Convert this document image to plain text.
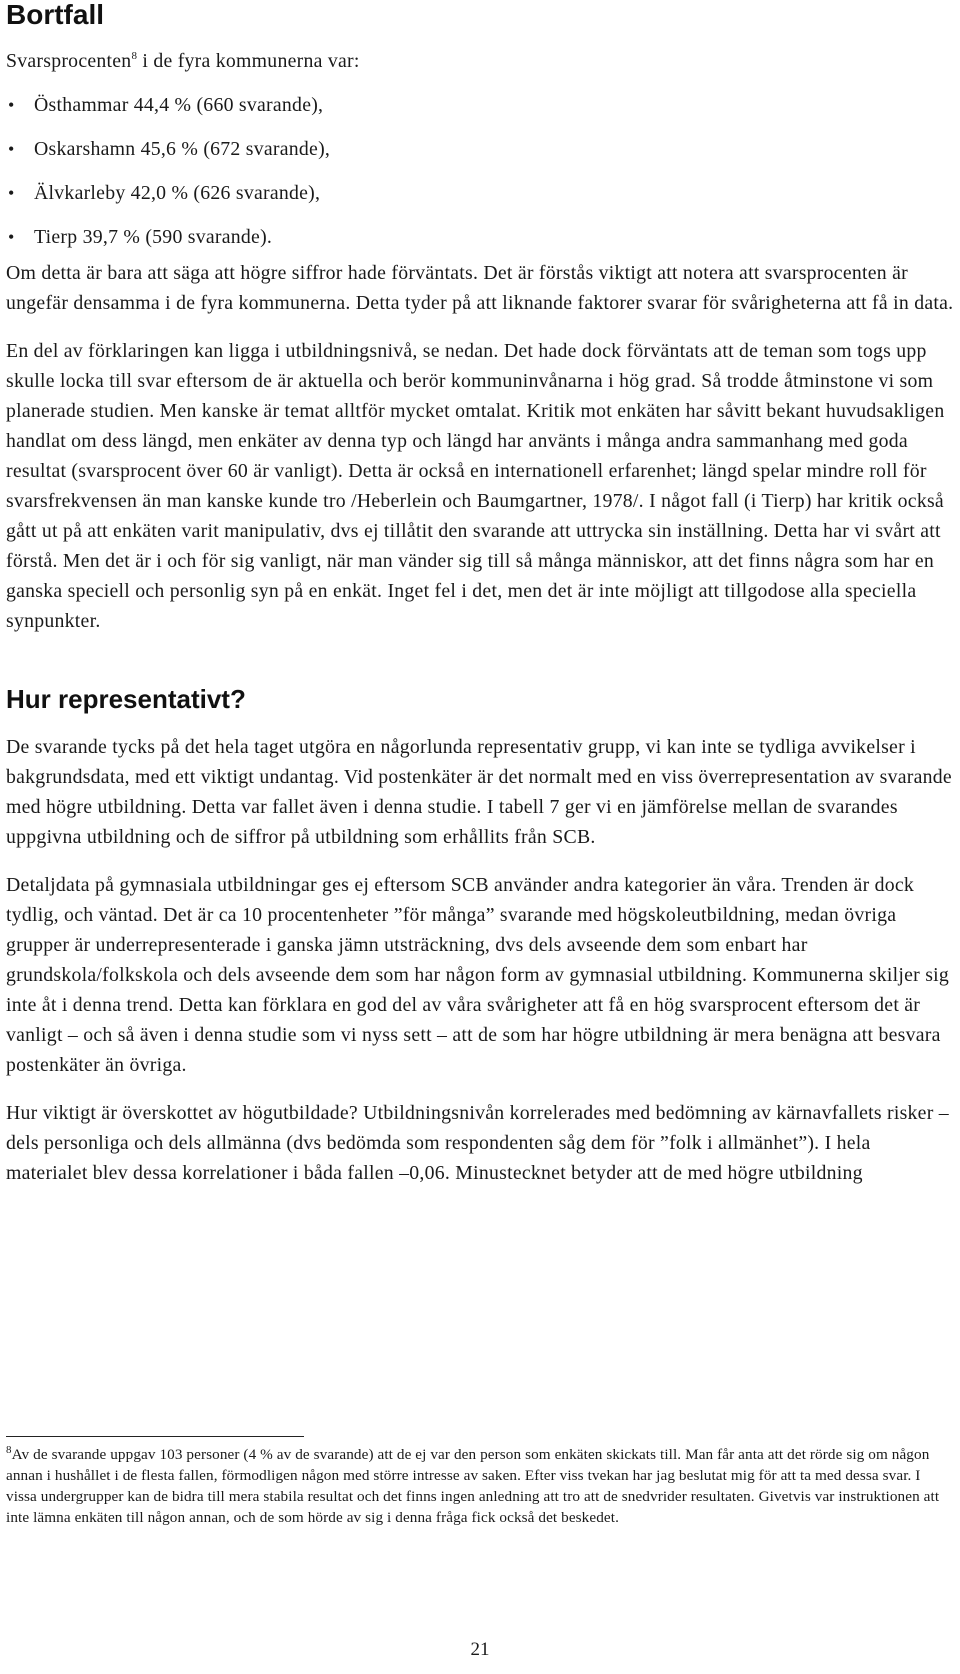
Bortfall

Svarsprocenten$^8$ i de fyra kommunerna var:

• Östhammar 44,4 % (660 svarande),
• Oskarshamn 45,6 % (672 svarande),
• Älvkarleby 42,0 % (626 svarande),
• Tierp 39,7 % (590 svarande).

Om detta är bara att säga att högre siffror hade förväntats. Det är förstås viktigt att notera att svarsprocenten är ungefär densamma i de fyra kommunerna. Detta tyder på att liknande faktorer svarar för svårigheterna att få in data.

En del av förklaringen kan ligga i utbildningsnivå, se nedan. Det hade dock förväntats att de teman som togs upp skulle locka till svar eftersom de är aktuella och berör kommuninvånarna i hög grad. Så trodde åtminstone vi som planerade studien. Men kanske är temat alltför mycket omtalat. Kritik mot enkäten har såvitt bekant huvudsakligen handlat om dess längd, men enkäter av denna typ och längd har använts i många andra sammanhang med goda resultat (svarsprocent över 60 är vanligt). Detta är också en internationell erfarenhet; längd spelar mindre roll för svarsfrekvensen än man kanske kunde tro /Heberlein och Baumgartner, 1978/. I något fall (i Tierp) har kritik också gått ut på att enkäten varit manipulativ, dvs ej tillåtit den svarande att uttrycka sin inställning. Detta har vi svårt att förstå. Men det är i och för sig vanligt, när man vänder sig till så många människor, att det finns några som har en ganska speciell och personlig syn på en enkät. Inget fel i det, men det är inte möjligt att tillgodose alla speciella synpunkter.

Hur representativt?

De svarande tycks på det hela taget utgöra en någorlunda representativ grupp, vi kan inte se tydliga avvikelser i bakgrundsdata, med ett viktigt undantag. Vid postenkäter är det normalt med en viss överrepresentation av svarande med högre utbildning. Detta var fallet även i denna studie. I tabell 7 ger vi en jämförelse mellan de svarandes uppgivna utbildning och de siffror på utbildning som erhållits från SCB.

Detaljdata på gymnasiala utbildningar ges ej eftersom SCB använder andra kategorier än våra. Trenden är dock tydlig, och väntad. Det är ca 10 procentenheter ”för många” svarande med högskoleutbildning, medan övriga grupper är underrepresenterade i ganska jämn utsträckning, dvs dels avseende dem som enbart har grundskola/folkskola och dels avseende dem som har någon form av gymnasial utbildning. Kommunerna skiljer sig inte åt i denna trend. Detta kan förklara en god del av våra svårigheter att få en hög svarsprocent eftersom det är vanligt – och så även i denna studie som vi nyss sett – att de som har högre utbildning är mera benägna att besvara postenkäter än övriga.

Hur viktigt är överskottet av högutbildade? Utbildningsnivån korrelerades med bedömning av kärnavfallets risker – dels personliga och dels allmänna (dvs bedömda som respondenten såg dem för ”folk i allmänhet”). I hela materialet blev dessa korrelationer i båda fallen –0,06. Minustecknet betyder att de med högre utbildning

$^8$Av de svarande uppgav 103 personer (4 % av de svarande) att de ej var den person som enkäten skickats till. Man får anta att det rörde sig om någon annan i hushållet i de flesta fallen, förmodligen någon med större intresse av saken. Efter viss tvekan har jag beslutat mig för att ta med dessa svar. I vissa undergrupper kan de bidra till mera stabila resultat och det finns ingen anledning att tro att de snedvrider resultaten. Givetvis var instruktionen att inte lämna enkäten till någon annan, och de som hörde av sig i denna fråga fick också det beskedet.
21
